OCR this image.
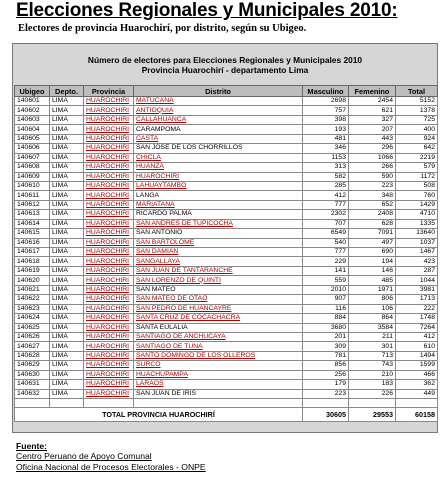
Elecciones Regionales y Municipales 2010:
Electores de provincia Huarochirí, por distrito, según su Ubigeo.
Número de electores para Elecciones Regionales y Municipales 2010
Provincia Huarochirí - departamento Lima
Ubigeo	Depto.	Provincia	Distrito	Masculino	Femenino	Total
140601	LIMA	HUAROCHIRI	MATUCANA	2698	2454	5152
140602	LIMA	HUAROCHIRI	ANTIOQUIA	757	621	1378
140603	LIMA	HUAROCHIRI	CALLAHUANCA	398	327	725
140604	LIMA	HUAROCHIRI	CARAMPOMA	193	207	400
140605	LIMA	HUAROCHIRI	CASTA	481	443	924
140606	LIMA	HUAROCHIRI	SAN JOSE DE LOS CHORRILLOS	346	296	642
140607	LIMA	HUAROCHIRI	CHICLA	1153	1066	2219
140608	LIMA	HUAROCHIRI	HUANZA	313	266	579
140609	LIMA	HUAROCHIRI	HUAROCHIRI	582	590	1172
140610	LIMA	HUAROCHIRI	LAHUAYTAMBO	285	223	508
140611	LIMA	HUAROCHIRI	LANGA	412	348	760
140612	LIMA	HUAROCHIRI	MARIATANA	777	652	1429
140613	LIMA	HUAROCHIRI	RICARDO PALMA	2302	2408	4710
140614	LIMA	HUAROCHIRI	SAN ANDRES DE TUPICOCHA	707	628	1335
140615	LIMA	HUAROCHIRI	SAN ANTONIO	6549	7091	13640
140616	LIMA	HUAROCHIRI	SAN BARTOLOME	540	497	1037
140617	LIMA	HUAROCHIRI	SAN DAMIAN	777	690	1467
140618	LIMA	HUAROCHIRI	SANGALLAYA	229	194	423
140619	LIMA	HUAROCHIRI	SAN JUAN DE TANTARANCHE	141	146	287
140620	LIMA	HUAROCHIRI	SAN LORENZO DE QUINTI	559	485	1044
140621	LIMA	HUAROCHIRI	SAN MATEO	2010	1971	3981
140622	LIMA	HUAROCHIRI	SAN MATEO DE OTAO	907	806	1713
140623	LIMA	HUAROCHIRI	SAN PEDRO DE HUANCAYRE	116	106	222
140624	LIMA	HUAROCHIRI	SANTA CRUZ DE COCACHACRA	884	864	1748
140625	LIMA	HUAROCHIRI	SANTA EULALIA	3680	3584	7264
140626	LIMA	HUAROCHIRI	SANTIAGO DE ANCHUCAYA	201	211	412
140627	LIMA	HUAROCHIRI	SANTIAGO DE TUNA	309	301	610
140628	LIMA	HUAROCHIRI	SANTO DOMINGO DE LOS OLLEROS	781	713	1494
140629	LIMA	HUAROCHIRI	SURCO	856	743	1599
140630	LIMA	HUAROCHIRI	HUACHUPAMPA	256	210	466
140631	LIMA	HUAROCHIRI	LARAOS	179	183	362
140632	LIMA	HUAROCHIRI	SAN JUAN DE IRIS	223	226	449

TOTAL PROVINCIA HUAROCHIRÍ				30605	29553	60158
Fuente:
Centro Peruano de Apoyo Comunal
Oficina Nacional de Procesos Electorales - ONPE
